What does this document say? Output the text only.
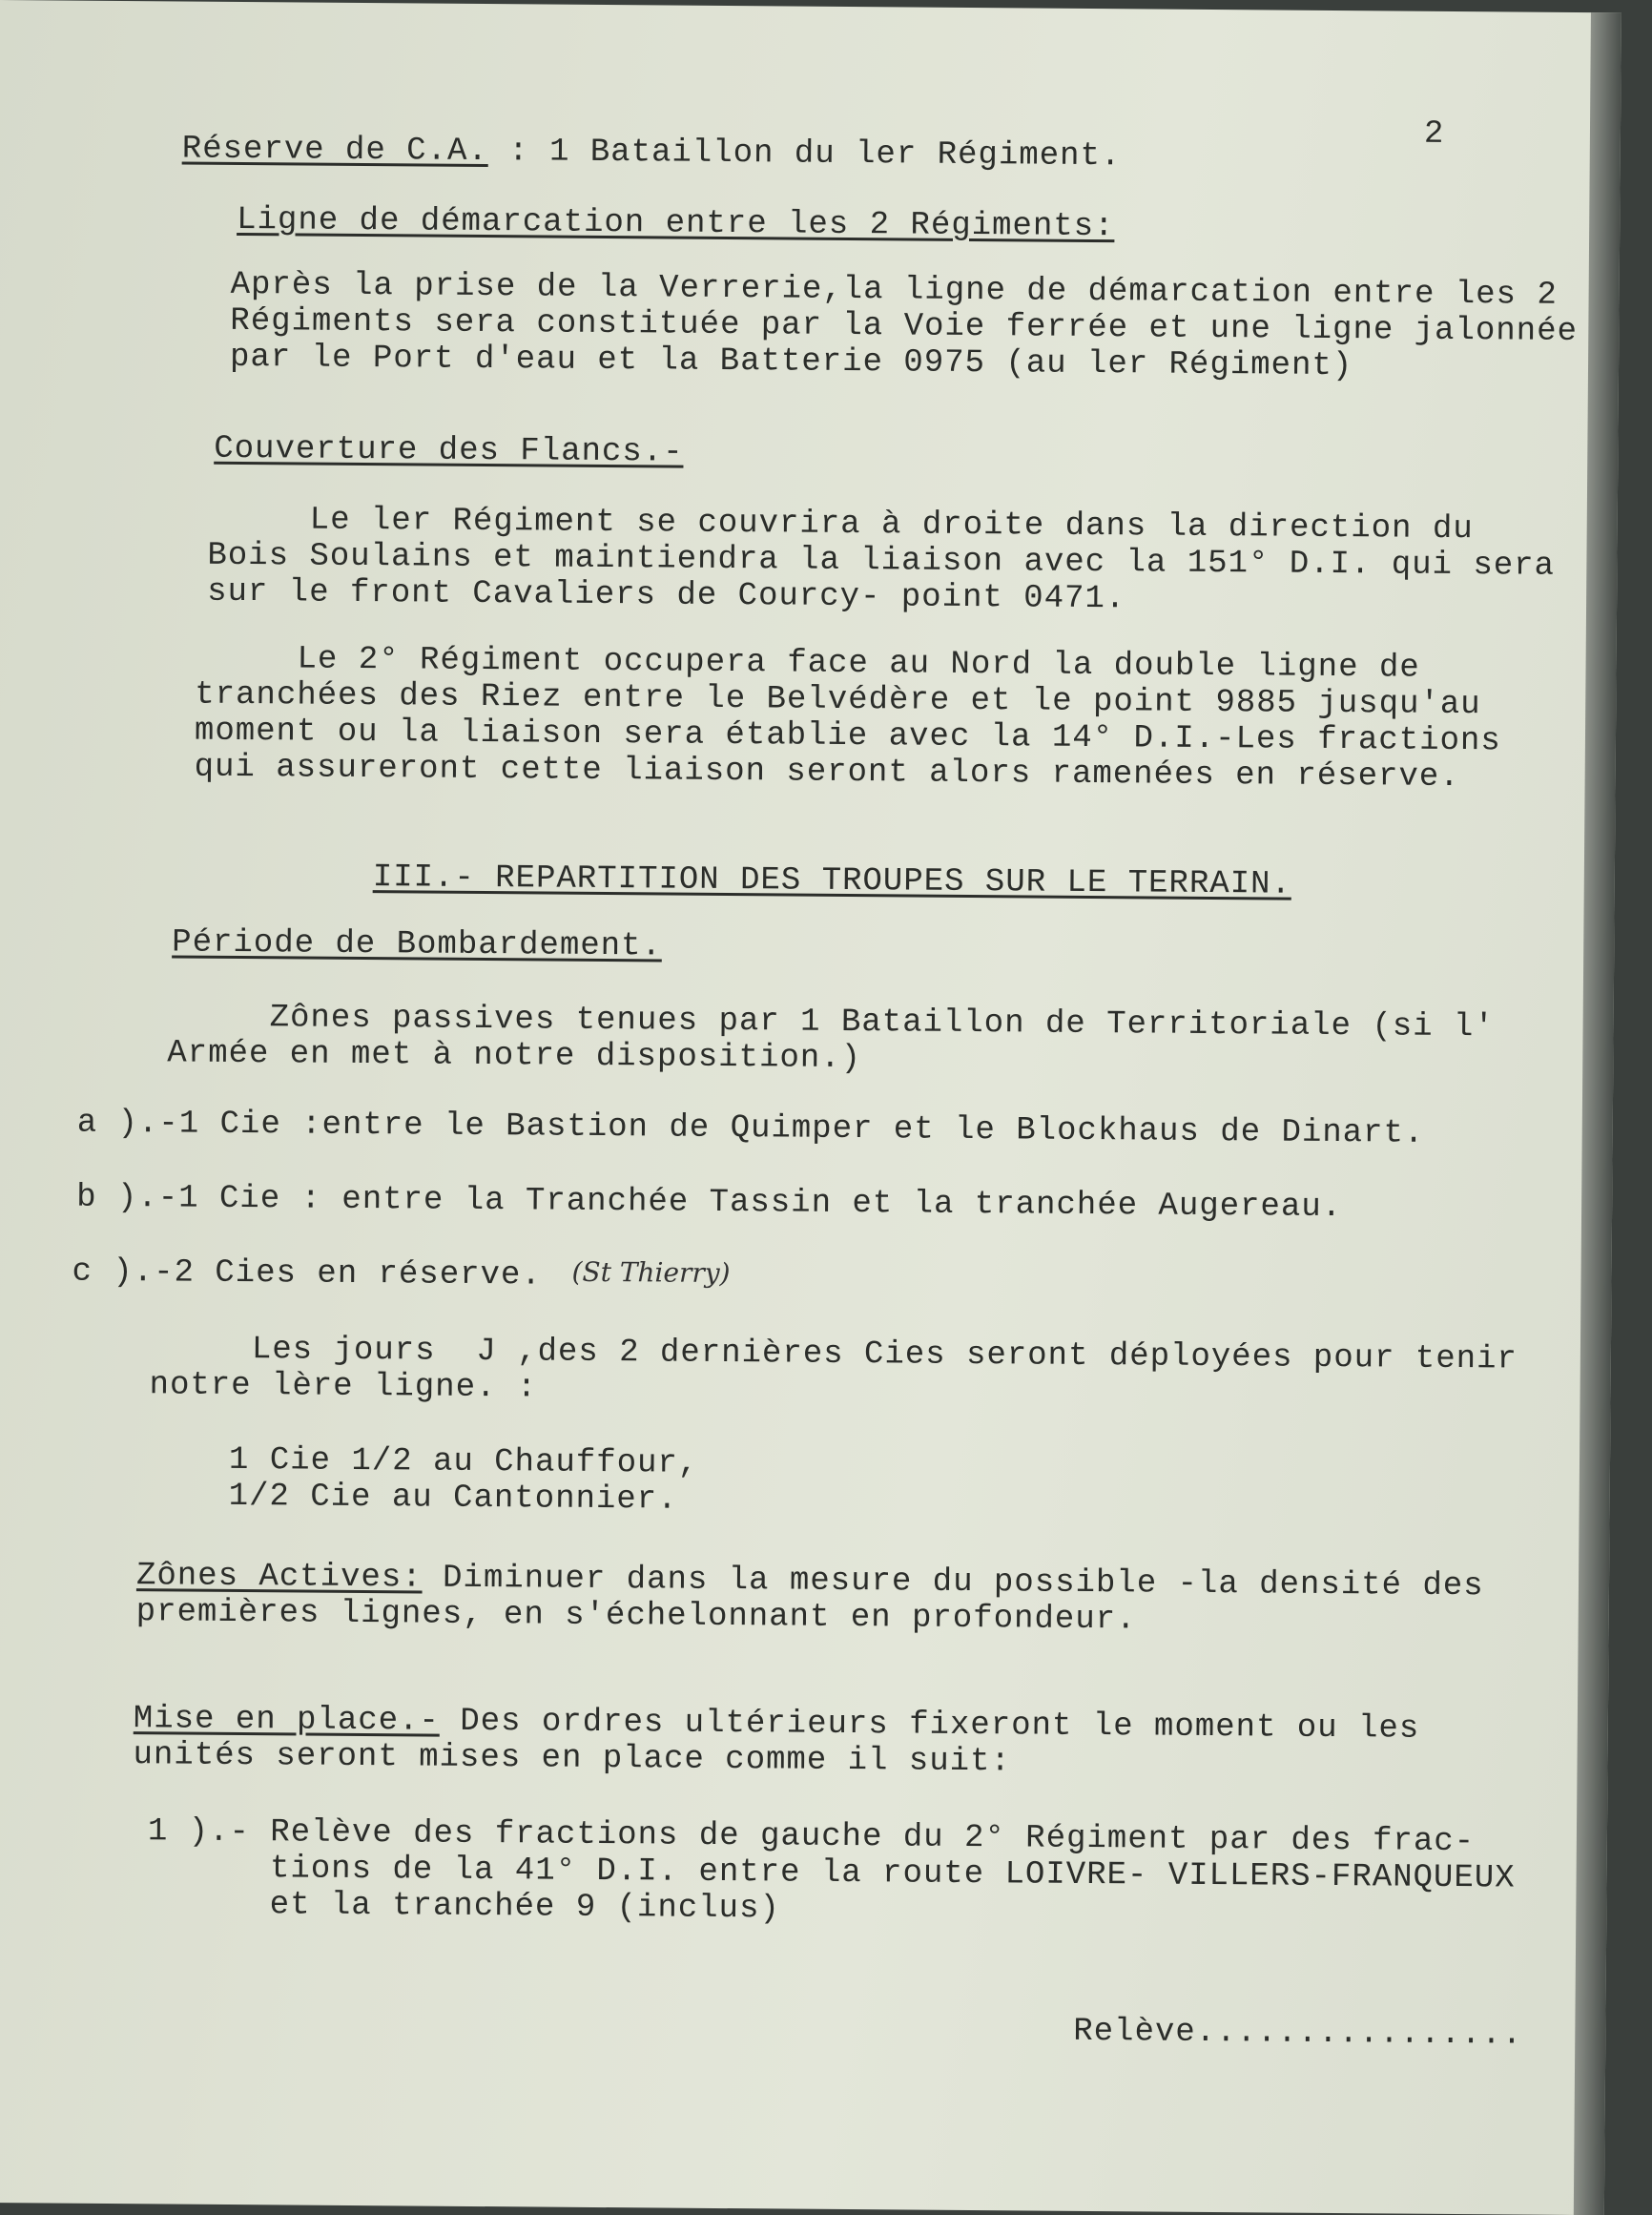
2
Réserve de C.A. : 1 Bataillon du ler Régiment.
Ligne de démarcation entre les 2 Régiments:
Après la prise de la Verrerie,la ligne de démarcation entre les 2
Régiments sera constituée par la Voie ferrée et une ligne jalonnée
par le Port d'eau et la Batterie 0975 (au ler Régiment)
Couverture des Flancs.-
Le ler Régiment se couvrira à droite dans la direction du
Bois Soulains et maintiendra la liaison avec la 151° D.I. qui sera
sur le front Cavaliers de Courcy- point 0471.
Le 2° Régiment occupera face au Nord la double ligne de
tranchées des Riez entre le Belvédère et le point 9885 jusqu'au
moment ou la liaison sera établie avec la 14° D.I.-Les fractions
qui assureront cette liaison seront alors ramenées en réserve.
III.- REPARTITION DES TROUPES SUR LE TERRAIN.
Période de Bombardement.
Zônes passives tenues par 1 Bataillon de Territoriale (si l'
Armée en met à notre disposition.)
a ).-1 Cie :entre le Bastion de Quimper et le Blockhaus de Dinart.
b ).-1 Cie : entre la Tranchée Tassin et la tranchée Augereau.
c ).-2 Cies en réserve. (St Thierry)
Les jours  J ,des 2 dernières Cies seront déployées pour tenir
notre lère ligne. :
1 Cie 1/2 au Chauffour,
1/2 Cie au Cantonnier.
Zônes Actives: Diminuer dans la mesure du possible -la densité des
premières lignes, en s'échelonnant en profondeur.
Mise en place.- Des ordres ultérieurs fixeront le moment ou les
unités seront mises en place comme il suit:
1 ).- Relève des fractions de gauche du 2° Régiment par des frac-
tions de la 41° D.I. entre la route LOIVRE- VILLERS-FRANQUEUX
et la tranchée 9 (inclus)
Relève................
